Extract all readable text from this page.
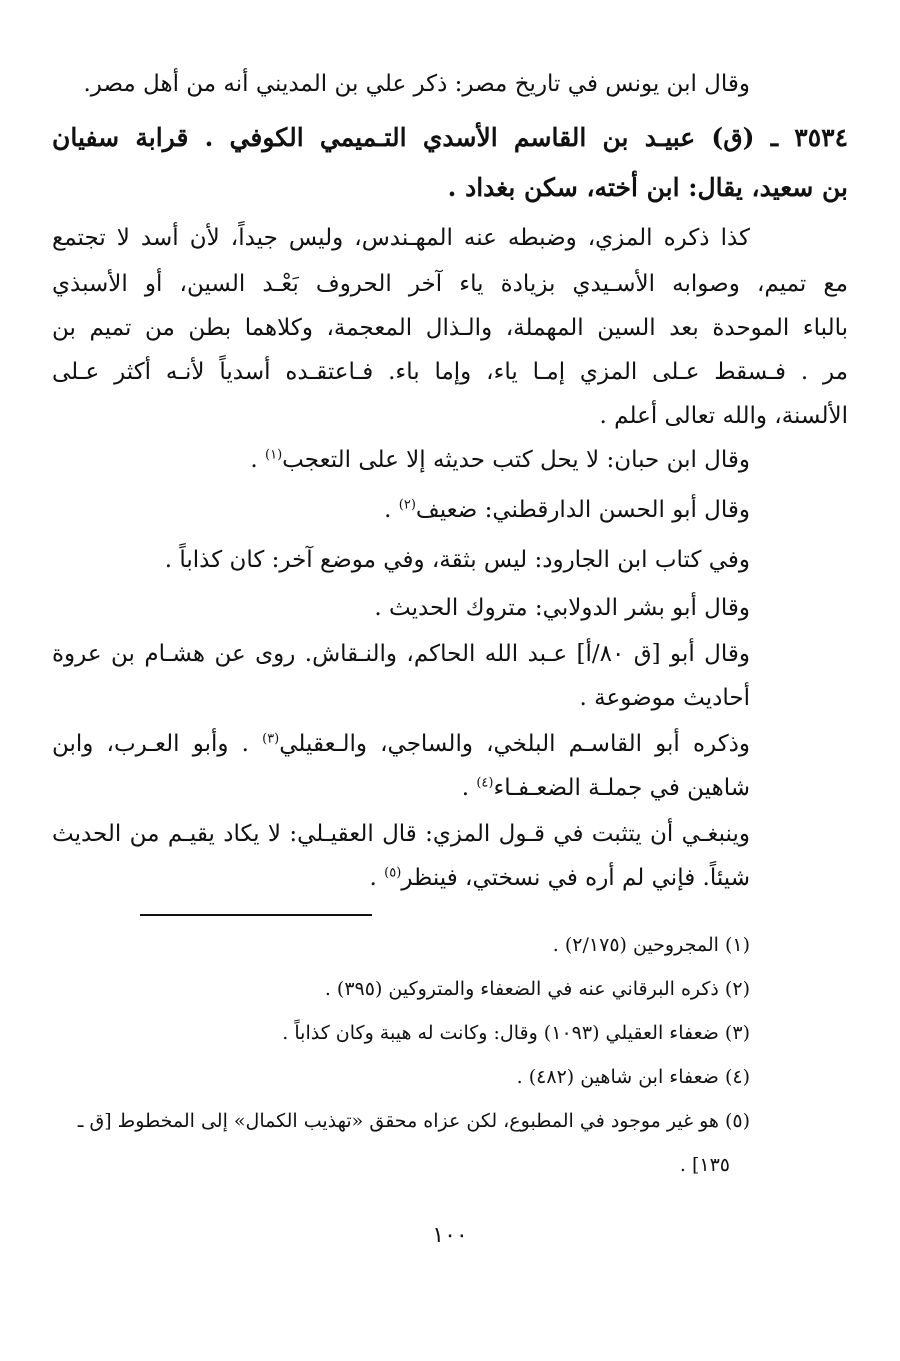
وقال ابن يونس في تاريخ مصر: ذكر علي بن المديني أنه من أهل مصر.
٣٥٣٤ ـ (ق) عبيـد بن القاسم الأسدي التـميمي الكوفي . قرابة سفيان
بن سعيد، يقال: ابن أخته، سكن بغداد .
كذا ذكره المزي، وضبطه عنه المهـندس، وليس جيداً، لأن أسد لا تجتمع
مع تميم، وصوابه الأسـيدي بزيادة ياء آخر الحروف بَعْـد السين، أو الأسبذي
بالباء الموحدة بعد السين المهملة، والـذال المعجمة، وكلاهما بطن من تميم بن
مر . فـسقط عـلى المزي إمـا ياء، وإما باء. فـاعتقـده أسدياً لأنـه أكثر عـلى
الألسنة، والله تعالى أعلم .
وقال ابن حبان: لا يحل كتب حديثه إلا على التعجب$^{(١)}$ .
وقال أبو الحسن الدارقطني: ضعيف$^{(٢)}$ .
وفي كتاب ابن الجارود: ليس بثقة، وفي موضع آخر: كان كذاباً .
وقال أبو بشر الدولابي: متروك الحديث .
وقال أبو [ق ٨٠/أ] عـبد الله الحاكم، والنـقاش. روى عن هشـام بن عروة
أحاديث موضوعة .
وذكره أبو القاسـم البلخي، والساجي، والـعقيلي$^{(٣)}$ . وأبو العـرب، وابن
شاهين في جملـة الضعـفـاء$^{(٤)}$ .
وينبغـي أن يتثبت في قـول المزي: قال العقيـلي: لا يكاد يقيـم من الحديث
شيئاً. فإني لم أره في نسختي، فينظر$^{(٥)}$ .
(١) المجروحين (٢/١٧٥) .
(٢) ذكره البرقاني عنه في الضعفاء والمتروكين (٣٩٥) .
(٣) ضعفاء العقيلي (١٠٩٣) وقال: وكانت له هيبة وكان كذاباً .
(٤) ضعفاء ابن شاهين (٤٨٢) .
(٥) هو غير موجود في المطبوع، لكن عزاه محقق «تهذيب الكمال» إلى المخطوط [ق ـ
١٣٥] .
١٠٠
